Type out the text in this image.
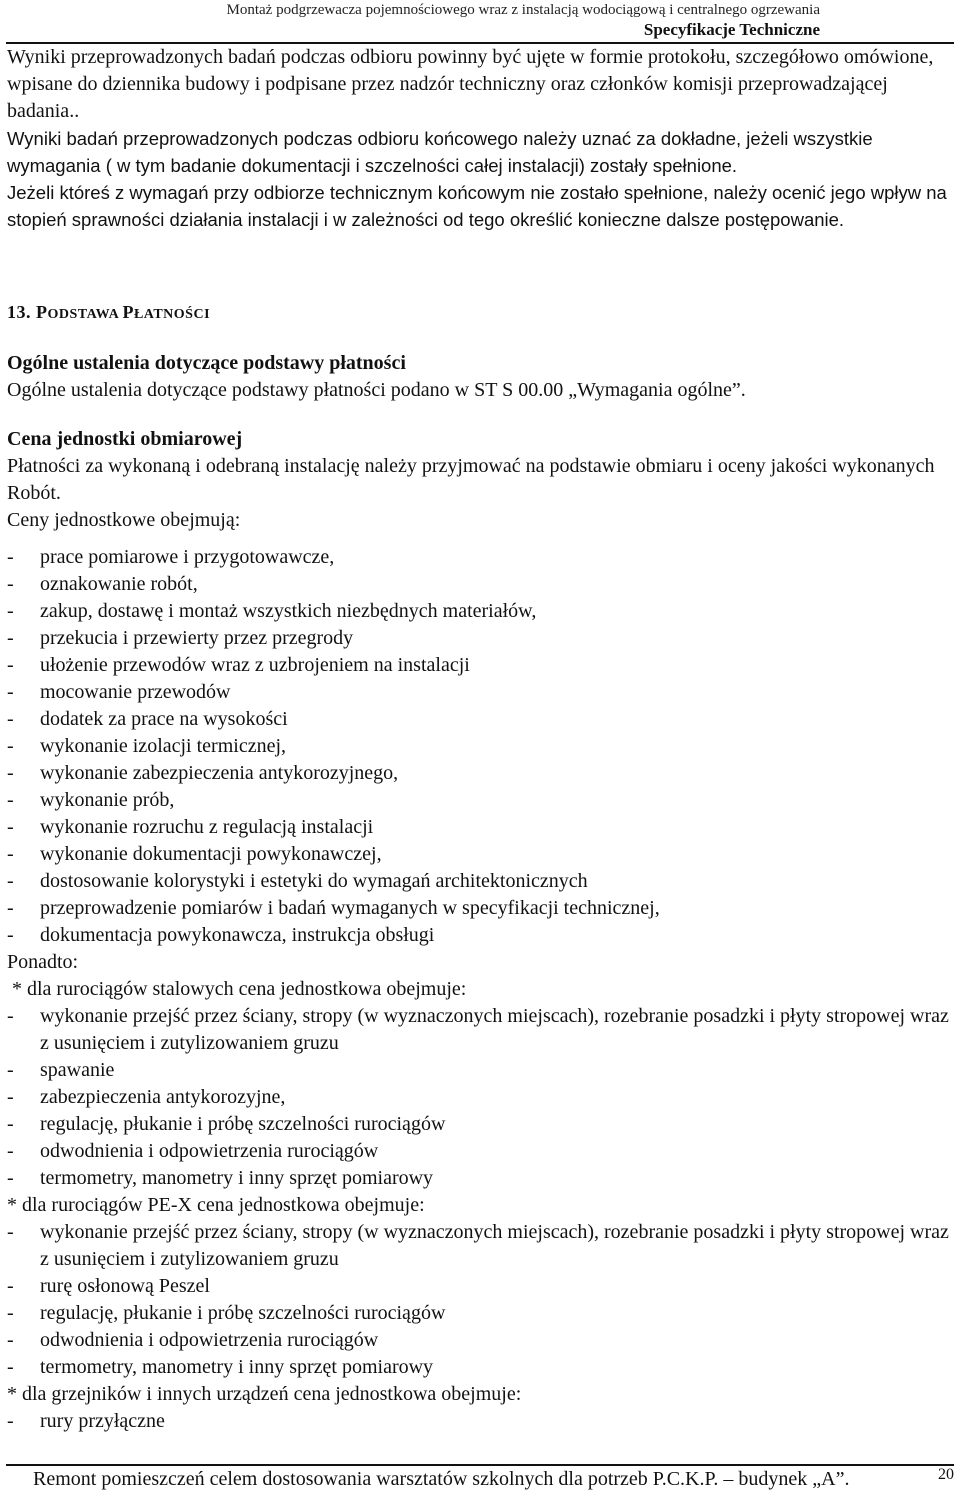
Montaż podgrzewacza pojemnościowego wraz z instalacją wodociągową i centralnego ogrzewania
Specyfikacje Techniczne

Wyniki przeprowadzonych badań podczas odbioru powinny być ujęte w formie protokołu, szczegółowo omówione, wpisane do dziennika budowy i podpisane przez nadzór techniczny oraz członków komisji przeprowadzającej badania..

Wyniki badań przeprowadzonych podczas odbioru końcowego należy uznać za dokładne, jeżeli wszystkie wymagania ( w tym badanie dokumentacji i szczelności całej instalacji) zostały spełnione.

Jeżeli któreś z wymagań przy odbiorze technicznym końcowym nie zostało spełnione, należy ocenić jego wpływ na stopień sprawności działania instalacji i w zależności od tego określić konieczne dalsze postępowanie.

13. PODSTAWA PŁATNOŚCI

Ogólne ustalenia dotyczące podstawy płatności

Ogólne ustalenia dotyczące podstawy płatności podano w ST S 00.00 „Wymagania ogólne”.

Cena jednostki obmiarowej

Płatności za wykonaną i odebraną instalację należy przyjmować na podstawie obmiaru i oceny jakości wykonanych Robót.

Ceny jednostkowe obejmują:

- prace pomiarowe i przygotowawcze,
- oznakowanie robót,
- zakup, dostawę i montaż wszystkich niezbędnych materiałów,
- przekucia i przewierty przez przegrody
- ułożenie przewodów wraz z uzbrojeniem na instalacji
- mocowanie przewodów
- dodatek za prace na wysokości
- wykonanie izolacji termicznej,
- wykonanie zabezpieczenia antykorozyjnego,
- wykonanie prób,
- wykonanie rozruchu z regulacją instalacji
- wykonanie dokumentacji powykonawczej,
- dostosowanie kolorystyki i estetyki do wymagań architektonicznych
- przeprowadzenie pomiarów i badań wymaganych w specyfikacji technicznej,
- dokumentacja powykonawcza, instrukcja obsługi

Ponadto:

* dla rurociągów stalowych cena jednostkowa obejmuje:

- wykonanie przejść przez ściany, stropy (w wyznaczonych miejscach), rozebranie posadzki i płyty stropowej wraz z usunięciem i zutylizowaniem gruzu
- spawanie
- zabezpieczenia antykorozyjne,
- regulację, płukanie i próbę szczelności rurociągów
- odwodnienia i odpowietrzenia rurociągów
- termometry, manometry i inny sprzęt pomiarowy

* dla rurociągów PE-X cena jednostkowa obejmuje:

- wykonanie przejść przez ściany, stropy (w wyznaczonych miejscach), rozebranie posadzki i płyty stropowej wraz z usunięciem i zutylizowaniem gruzu
- rurę osłonową Peszel
- regulację, płukanie i próbę szczelności rurociągów
- odwodnienia i odpowietrzenia rurociągów
- termometry, manometry i inny sprzęt pomiarowy

* dla grzejników i innych urządzeń cena jednostkowa obejmuje:

- rury przyłączne
Remont pomieszczeń celem dostosowania warsztatów szkolnych dla potrzeb P.C.K.P. – budynek „A”.	20
